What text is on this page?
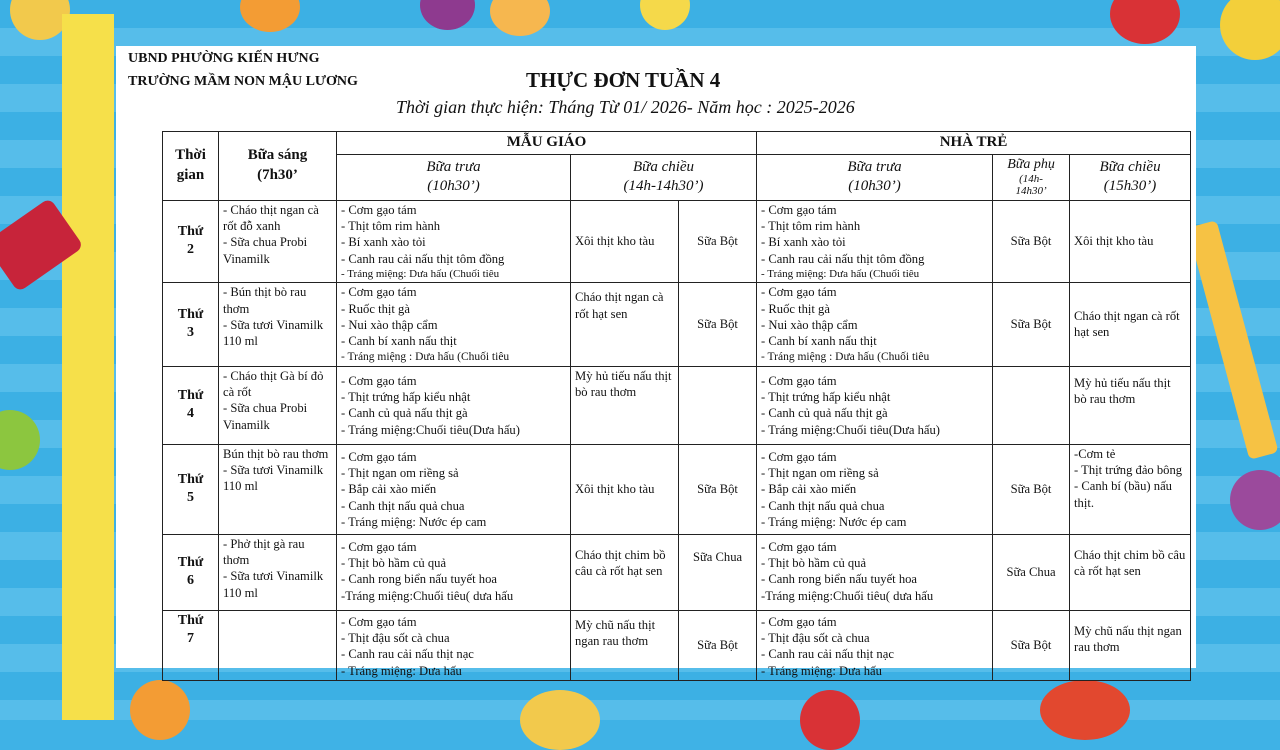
UBND PHƯỜNG KIẾN HƯNG
TRƯỜNG MẦM NON MẬU LƯƠNG	THỰC ĐƠN TUẦN 4
Thời gian thực hiện: Tháng Từ 01/ 2026- Năm học : 2025-2026
Thời
gian	Bữa sáng
(7h30’	MẪU GIÁO			NHÀ TRẺ		

		Bữa trưa
(10h30’)	Bữa chiều
(14h-14h30’)		Bữa trưa
(10h30’)	Bữa phụ
(14h-
14h30’	Bữa chiều
(15h30’)

Thứ
2	- Cháo thịt ngan cà rốt đỗ xanh
- Sữa chua Probi Vinamilk	- Cơm gạo tám
- Thịt tôm rim hành
- Bí xanh xào tỏi
- Canh rau cải nấu thịt tôm đồng
- Tráng miệng: Dưa hấu (Chuối tiêu	Xôi thịt kho tàu	Sữa Bột	- Cơm gạo tám
- Thịt tôm rim hành
- Bí xanh xào tỏi
- Canh rau cải nấu thịt tôm đồng
- Tráng miệng: Dưa hấu (Chuối tiêu	Sữa Bột	Xôi thịt kho tàu

Thứ
3	- Bún thịt bò rau thơm
- Sữa tươi Vinamilk 110 ml	- Cơm gạo tám
- Ruốc thịt gà
- Nui xào thập cẩm
- Canh bí xanh nấu thịt
- Tráng miệng : Dưa hấu (Chuối tiêu	Cháo thịt ngan cà rốt hạt sen	Sữa Bột	- Cơm gạo tám
- Ruốc thịt gà
- Nui xào thập cẩm
- Canh bí xanh nấu thịt
- Tráng miệng : Dưa hấu (Chuối tiêu	Sữa Bột	Cháo thịt ngan cà rốt hạt sen

Thứ
4	- Cháo thịt Gà bí đỏ cà rốt
- Sữa chua Probi Vinamilk	- Cơm gạo tám
- Thịt trứng hấp kiểu nhật
- Canh củ quả nấu thịt gà
- Tráng miệng:Chuối tiêu(Dưa hấu)	Mỳ hủ tiếu nấu thịt bò rau thơm		- Cơm gạo tám
- Thịt trứng hấp kiểu nhật
- Canh củ quả nấu thịt gà
- Tráng miệng:Chuối tiêu(Dưa hấu)		Mỳ hủ tiếu nấu thịt bò rau thơm

Thứ
5	Bún thịt bò rau thơm
- Sữa tươi Vinamilk 110 ml	- Cơm gạo tám
- Thịt ngan om riềng sả
- Bắp cải xào miến
- Canh thịt nấu quả chua
- Tráng miệng: Nước ép cam	Xôi thịt kho tàu	Sữa Bột	- Cơm gạo tám
- Thịt ngan om riềng sả
- Bắp cải xào miến
- Canh thịt nấu quả chua
- Tráng miệng: Nước ép cam	Sữa Bột	-Cơm tẻ
- Thịt trứng đảo bông
- Canh bí (bầu) nấu thịt.

Thứ
6	- Phở thịt gà rau thơm
- Sữa tươi Vinamilk 110 ml	- Cơm gạo tám
- Thịt bò hầm củ quả
- Canh rong biển nấu tuyết hoa
-Tráng miệng:Chuối tiêu( dưa hấu	Cháo thịt chim bồ câu cà rốt hạt sen	Sữa Chua	- Cơm gạo tám
- Thịt bò hầm củ quả
- Canh rong biển nấu tuyết hoa
-Tráng miệng:Chuối tiêu( dưa hấu	Sữa Chua	Cháo thịt chim bồ câu cà rốt hạt sen

Thứ
7		- Cơm gạo tám
- Thịt đậu sốt cà chua
- Canh rau cải nấu thịt nạc
- Tráng miệng: Dưa hấu	Mỳ chũ nấu thịt ngan rau thơm	Sữa Bột	- Cơm gạo tám
- Thịt đậu sốt cà chua
- Canh rau cải nấu thịt nạc
- Tráng miệng: Dưa hấu	Sữa Bột	Mỳ chũ nấu thịt ngan rau thơm
